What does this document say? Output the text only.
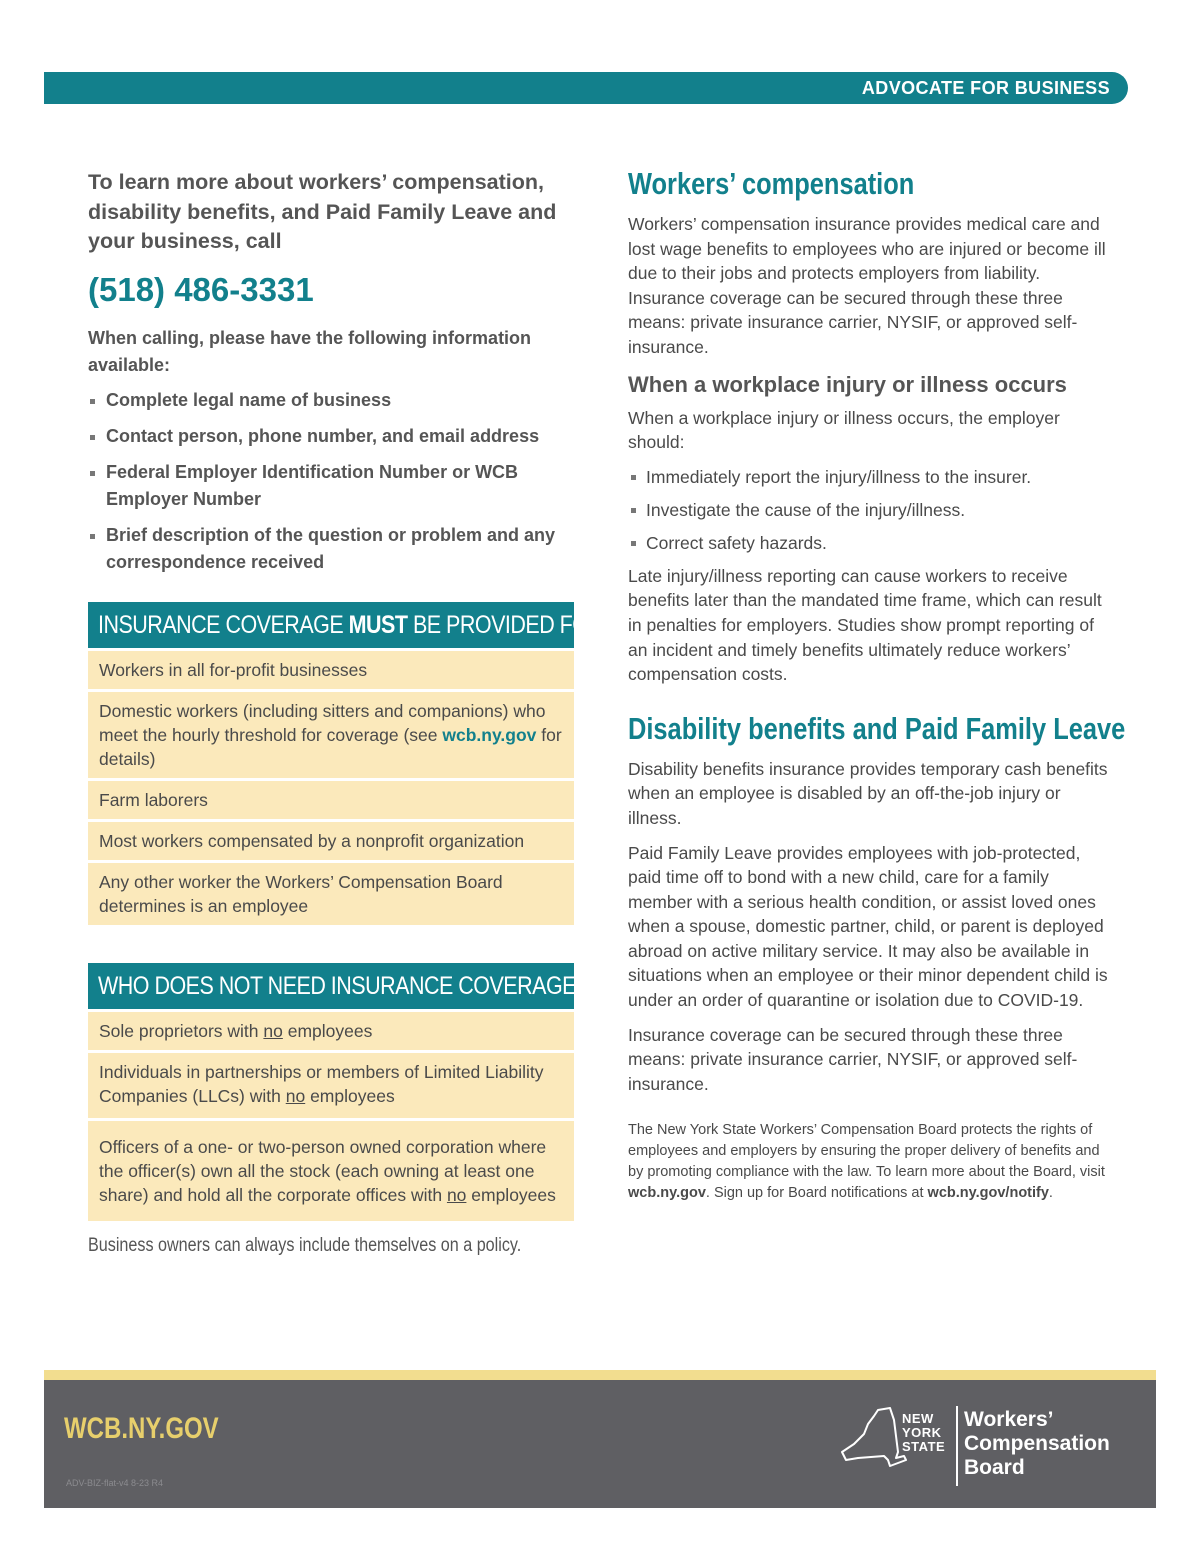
ADVOCATE FOR BUSINESS

To learn more about workers’ compensation, disability benefits, and Paid Family Leave and your business, call

(518) 486-3331

When calling, please have the following information available:

Complete legal name of business
Contact person, phone number, and email address
Federal Employer Identification Number or WCB Employer Number
Brief description of the question or problem and any correspondence received
INSURANCE COVERAGE MUST BE PROVIDED FOR:
Workers in all for-profit businesses
Domestic workers (including sitters and companions) who meet the hourly threshold for coverage (see wcb.ny.gov for details)
Farm laborers
Most workers compensated by a nonprofit organization
Any other worker the Workers’ Compensation Board determines is an employee
WHO DOES NOT NEED INSURANCE COVERAGE:
Sole proprietors with no employees
Individuals in partnerships or members of Limited Liability Companies (LLCs) with no employees
Officers of a one- or two-person owned corporation where the officer(s) own all the stock (each owning at least one share) and hold all the corporate offices with no employees
Business owners can always include themselves on a policy.
Workers’ compensation

Workers’ compensation insurance provides medical care and lost wage benefits to employees who are injured or become ill due to their jobs and protects employers from liability. Insurance coverage can be secured through these three means: private insurance carrier, NYSIF, or approved self-insurance.

When a workplace injury or illness occurs

When a workplace injury or illness occurs, the employer should:

Immediately report the injury/illness to the insurer.
Investigate the cause of the injury/illness.
Correct safety hazards.

Late injury/illness reporting can cause workers to receive benefits later than the mandated time frame, which can result in penalties for employers. Studies show prompt reporting of an incident and timely benefits ultimately reduce workers’ compensation costs.

Disability benefits and Paid Family Leave

Disability benefits insurance provides temporary cash benefits when an employee is disabled by an off-the-job injury or illness.

Paid Family Leave provides employees with job-protected, paid time off to bond with a new child, care for a family member with a serious health condition, or assist loved ones when a spouse, domestic partner, child, or parent is deployed abroad on active military service. It may also be available in situations when an employee or their minor dependent child is under an order of quarantine or isolation due to COVID-19.

Insurance coverage can be secured through these three means: private insurance carrier, NYSIF, or approved self-insurance.

The New York State Workers’ Compensation Board protects the rights of employees and employers by ensuring the proper delivery of benefits and by promoting compliance with the law. To learn more about the Board, visit wcb.ny.gov. Sign up for Board notifications at wcb.ny.gov/notify.

WCB.NY.GOV
ADV-BIZ-flat-v4 8-23 R4
NEW
YORK
STATE
Workers’
Compensation
Board
